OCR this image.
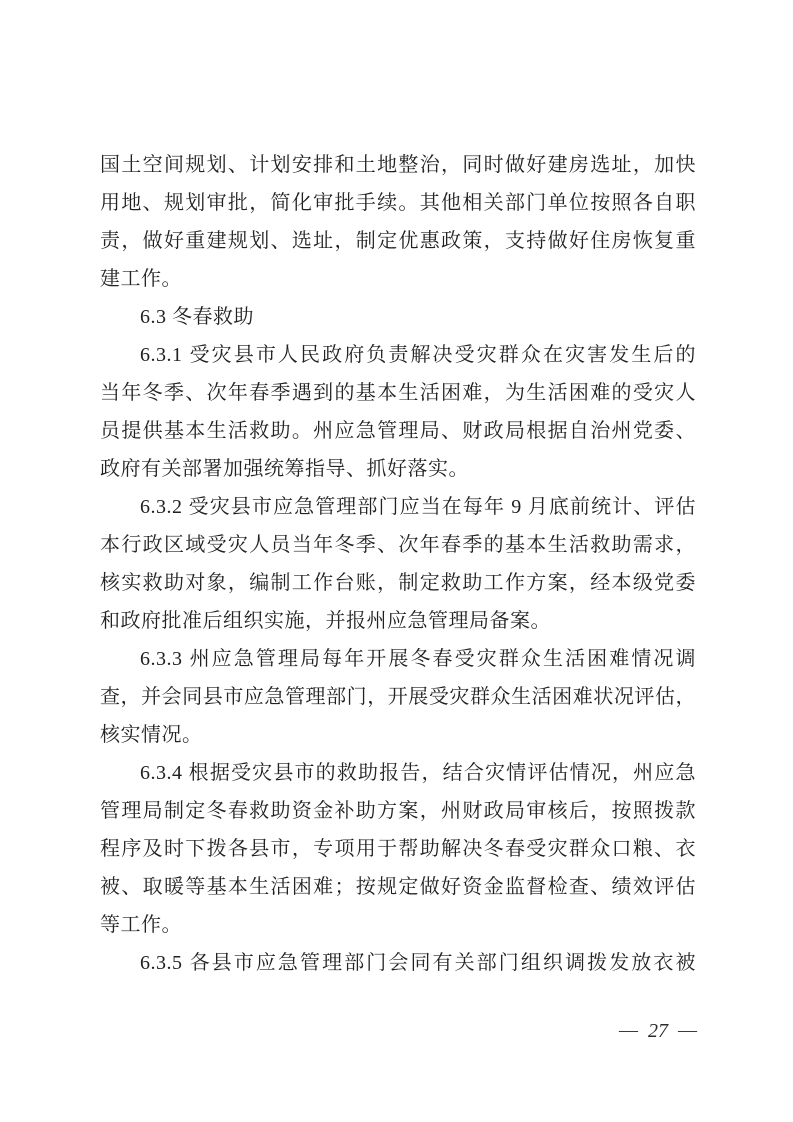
国土空间规划、计划安排和土地整治，同时做好建房选址，加快
用地、规划审批，简化审批手续。其他相关部门单位按照各自职
责，做好重建规划、选址，制定优惠政策，支持做好住房恢复重
建工作。
6.3 冬春救助
6.3.1 受灾县市人民政府负责解决受灾群众在灾害发生后的
当年冬季、次年春季遇到的基本生活困难，为生活困难的受灾人
员提供基本生活救助。州应急管理局、财政局根据自治州党委、
政府有关部署加强统筹指导、抓好落实。
6.3.2 受灾县市应急管理部门应当在每年 9 月底前统计、评估
本行政区域受灾人员当年冬季、次年春季的基本生活救助需求，
核实救助对象，编制工作台账，制定救助工作方案，经本级党委
和政府批准后组织实施，并报州应急管理局备案。
6.3.3 州应急管理局每年开展冬春受灾群众生活困难情况调
查，并会同县市应急管理部门，开展受灾群众生活困难状况评估，
核实情况。
6.3.4 根据受灾县市的救助报告，结合灾情评估情况，州应急
管理局制定冬春救助资金补助方案，州财政局审核后，按照拨款
程序及时下拨各县市，专项用于帮助解决冬春受灾群众口粮、衣
被、取暖等基本生活困难；按规定做好资金监督检查、绩效评估
等工作。
6.3.5 各县市应急管理部门会同有关部门组织调拨发放衣被
— 27 —
